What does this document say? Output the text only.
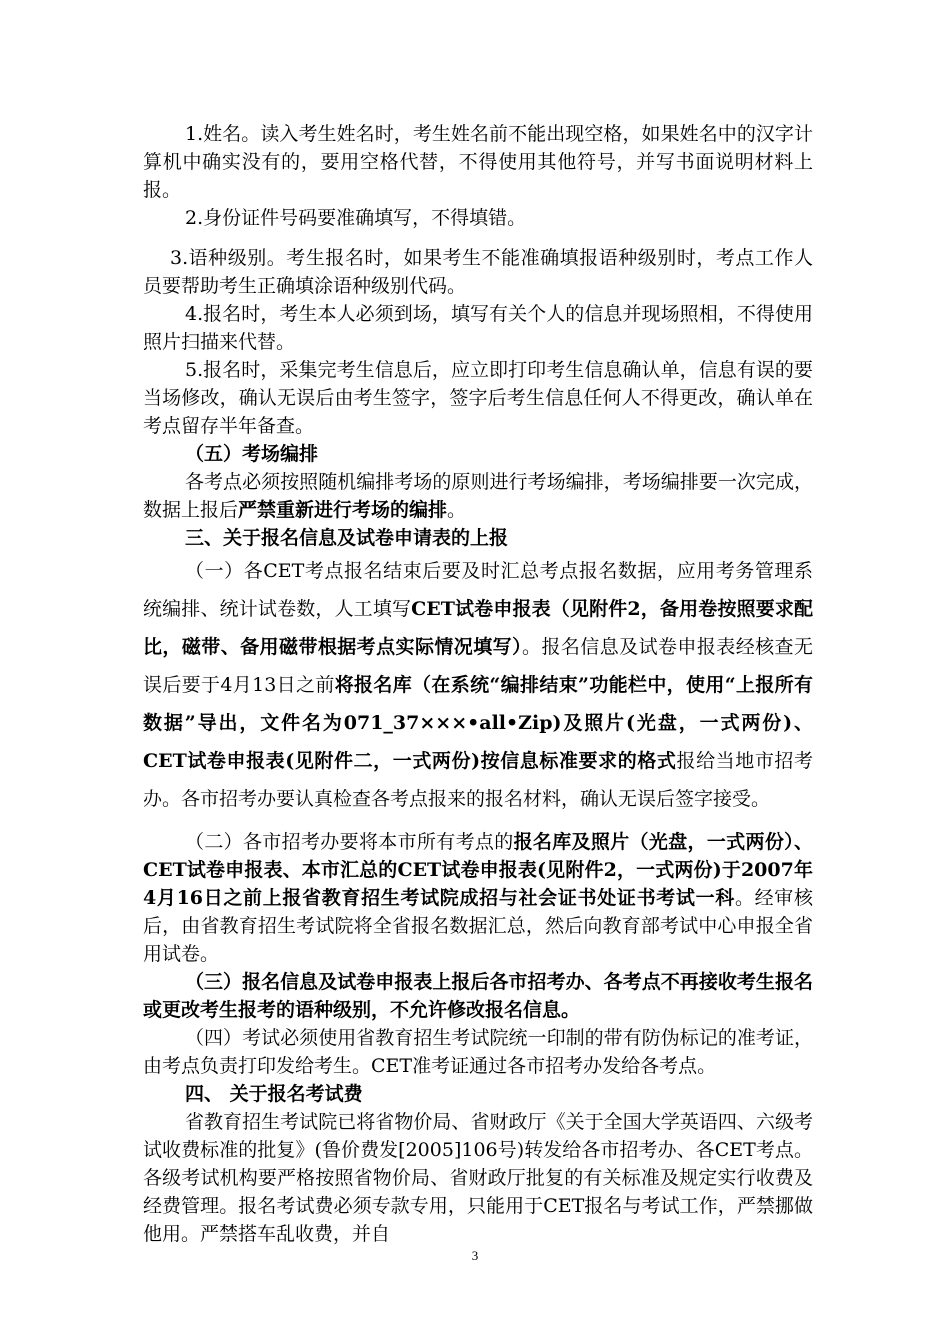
1.姓名。读入考生姓名时，考生姓名前不能出现空格，如果姓名中的汉字计算机中确实没有的，要用空格代替，不得使用其他符号，并写书面说明材料上报。

2.身份证件号码要准确填写，不得填错。

3.语种级别。考生报名时，如果考生不能准确填报语种级别时，考点工作人员要帮助考生正确填涂语种级别代码。

4.报名时，考生本人必须到场，填写有关个人的信息并现场照相，不得使用照片扫描来代替。

5.报名时，采集完考生信息后，应立即打印考生信息确认单，信息有误的要当场修改，确认无误后由考生签字，签字后考生信息任何人不得更改，确认单在考点留存半年备查。

（五）考场编排

各考点必须按照随机编排考场的原则进行考场编排，考场编排要一次完成，数据上报后严禁重新进行考场的编排。

三、关于报名信息及试卷申请表的上报

（一）各CET考点报名结束后要及时汇总考点报名数据，应用考务管理系统编排、统计试卷数，人工填写CET试卷申报表（见附件2，备用卷按照要求配比，磁带、备用磁带根据考点实际情况填写）。报名信息及试卷申报表经核查无误后要于4月13日之前将报名库（在系统“编排结束”功能栏中，使用“上报所有数据”导出，文件名为071_37×××•all•Zip)及照片(光盘，一式两份)、CET试卷申报表(见附件二，一式两份)按信息标准要求的格式报给当地市招考办。各市招考办要认真检查各考点报来的报名材料，确认无误后签字接受。

（二）各市招考办要将本市所有考点的报名库及照片（光盘，一式两份）、CET试卷申报表、本市汇总的CET试卷申报表(见附件2，一式两份)于2007年4月16日之前上报省教育招生考试院成招与社会证书处证书考试一科。经审核后，由省教育招生考试院将全省报名数据汇总，然后向教育部考试中心申报全省用试卷。

（三）报名信息及试卷申报表上报后各市招考办、各考点不再接收考生报名或更改考生报考的语种级别，不允许修改报名信息。

（四）考试必须使用省教育招生考试院统一印制的带有防伪标记的准考证，由考点负责打印发给考生。CET准考证通过各市招考办发给各考点。

四、 关于报名考试费

省教育招生考试院已将省物价局、省财政厅《关于全国大学英语四、六级考试收费标准的批复》(鲁价费发[2005]106号)转发给各市招考办、各CET考点。各级考试机构要严格按照省物价局、省财政厅批复的有关标准及规定实行收费及经费管理。报名考试费必须专款专用，只能用于CET报名与考试工作，严禁挪做他用。严禁搭车乱收费，并自

3
